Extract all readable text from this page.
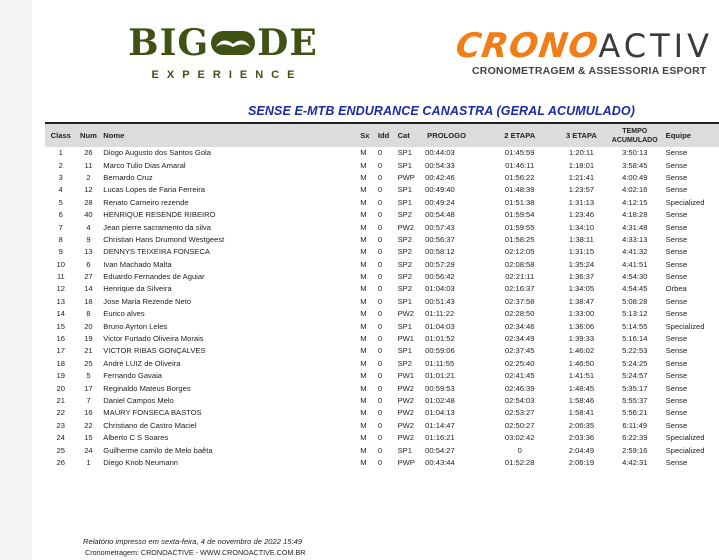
BIG DE
EXPERIENCE
CRONOACTIV
CRONOMETRAGEM & ASSESSORIA ESPORT
SENSE E-MTB ENDURANCE CANASTRA (GERAL ACUMULADO)
Class	Num	Nome	Sx	Idd	Cat	PROLOGO	2 ETAPA	3 ETAPA	TEMPO
ACUMULADO	Equipe
1	26	Diogo Augusto dos Santos Gola	M	0	SP1	00:44:03	01:45:59	1:20:11	3:50:13	Sense
2	11	Marco Tulio Dias Amaral	M	0	SP1	00:54:33	01:46:11	1:18:01	3:58:45	Sense
3	2	Bernardo Cruz	M	0	PWP	00:42:46	01:56:22	1:21:41	4:00:49	Sense
4	12	Lucas Lopes de Faria Ferreira	M	0	SP1	00:49:40	01:48:39	1:23:57	4:02:16	Sense
5	28	Renato Carneiro rezende	M	0	SP1	00:49:24	01:51:38	1:31:13	4:12:15	Specialized
6	40	HENRIQUE RESENDE RIBEIRO	M	0	SP2	00:54:48	01:59:54	1:23:46	4:18:28	Sense
7	4	Jean pierre sacramento da silva	M	0	PW2	00:57:43	01:59:55	1:34:10	4:31:48	Sense
8	9	Christian Hans Drumond Westgeest	M	0	SP2	00:56:37	01:58:25	1:38:11	4:33:13	Sense
9	13	DENNYS TEIXEIRA FONSECA	M	0	SP2	00:58:12	02:12:05	1:31:15	4:41:32	Sense
10	6	Ivan Machado Malta	M	0	SP2	00:57:29	02:08:58	1:35:24	4:41:51	Sense
11	27	Eduardo Fernandes de Aguiar	M	0	SP2	00:56:42	02:21:11	1:36:37	4:54:30	Sense
12	14	Henrique da Silveira	M	0	SP2	01:04:03	02:16:37	1:34:05	4:54:45	Orbea
13	18	Jose Maria Rezende Neto	M	0	SP1	00:51:43	02:37:58	1:38:47	5:08:28	Sense
14	8	Eurico alves	M	0	PW2	01:11:22	02:28:50	1:33:00	5:13:12	Sense
15	20	Bruno Ayrton Leles	M	0	SP1	01:04:03	02:34:46	1:36:06	5:14:55	Specialized
16	19	Victor Furtado Oliveira Morais	M	0	PW1	01:01:52	02:34:49	1:39:33	5:16:14	Sense
17	21	VICTOR RIBAS GONÇALVES	M	0	SP1	00:59:06	02:37:45	1:46:02	5:22:53	Sense
18	25	André LUIZ de Oliveira	M	0	SP2	01:11:55	02:25:40	1:46:50	5:24:25	Sense
19	5	Fernando Gavaia	M	0	PW1	01:01:21	02:41:45	1:41:51	5:24:57	Sense
20	17	Reginaldo Mateus Borges	M	0	PW2	00:59:53	02:46:39	1:48:45	5:35:17	Sense
21	7	Daniel Campos Melo	M	0	PW2	01:02:48	02:54:03	1:58:46	5:55:37	Sense
22	16	MAURY FONSECA BASTOS	M	0	PW2	01:04:13	02:53:27	1:58:41	5:56:21	Sense
23	22	Christiano de Castro Maciel	M	0	PW2	01:14:47	02:50:27	2:06:35	6:11:49	Sense
24	15	Alberto C S Soares	M	0	PW2	01:16:21	03:02:42	2:03:36	6:22:39	Specialized
25	24	Guilherme camilo de Melo baêta	M	0	SP1	00:54:27	0	2:04:49	2:59:16	Specialized
26	1	Diego Knob Neumann	M	0	PWP	00:43:44	01:52:28	2:06:19	4:42:31	Sense
Relatório impresso em sexta-feira, 4 de novembro de 2022 15:49
Cronometragem: CRONOACTIVE - WWW.CRONOACTIVE.COM.BR
